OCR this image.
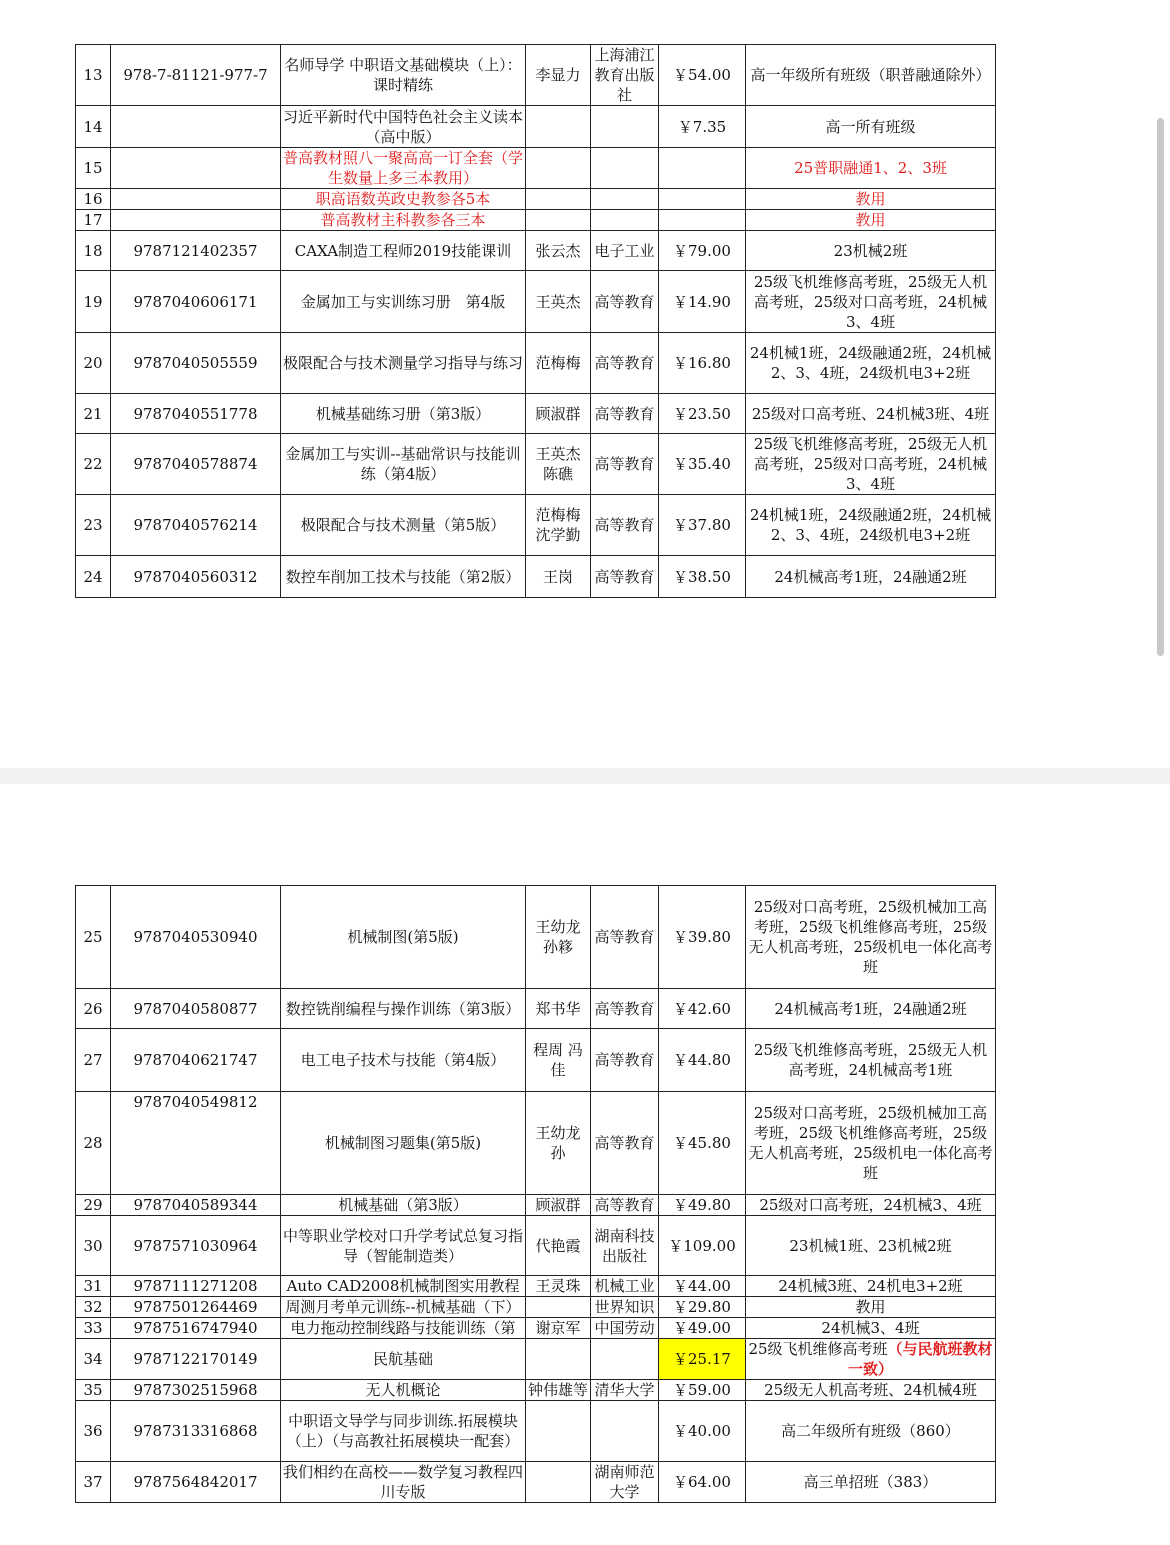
13	978-7-81121-977-7	名师导学 中职语文基础模块（上）： 课时精练	李显力	上海浦江教育出版社	￥54.00	高一年级所有班级（职普融通除外）
14		习近平新时代中国特色社会主义读本（高中版）			￥7.35	高一所有班级
15		普高教材照八一聚高高一订全套（学生数量上多三本教用）				25普职融通1、2、3班
16		职高语数英政史教参各5本				教用
17		普高教材主科教参各三本				教用
18	9787121402357	CAXA制造工程师2019技能课训	张云杰	电子工业	￥79.00	23机械2班
19	9787040606171	金属加工与实训练习册　第4版	王英杰	高等教育	￥14.90	25级飞机维修高考班，25级无人机高考班，25级对口高考班，24机械3、4班
20	9787040505559	极限配合与技术测量学习指导与练习	范梅梅	高等教育	￥16.80	24机械1班，24级融通2班，24机械2、3、4班，24级机电3+2班
21	9787040551778	机械基础练习册（第3版）	顾淑群	高等教育	￥23.50	25级对口高考班、24机械3班、4班
22	9787040578874	金属加工与实训--基础常识与技能训练（第4版）	王英杰 陈礁	高等教育	￥35.40	25级飞机维修高考班，25级无人机高考班，25级对口高考班，24机械3、4班
23	9787040576214	极限配合与技术测量（第5版）	范梅梅 沈学勤	高等教育	￥37.80	24机械1班，24级融通2班，24机械2、3、4班，24级机电3+2班
24	9787040560312	数控车削加工技术与技能（第2版）	王岗	高等教育	￥38.50	24机械高考1班，24融通2班
25	9787040530940	机械制图(第5版)	王幼龙 孙簃	高等教育	￥39.80	25级对口高考班，25级机械加工高考班，25级飞机维修高考班，25级无人机高考班，25级机电一体化高考班
26	9787040580877	数控铣削编程与操作训练（第3版）	郑书华	高等教育	￥42.60	24机械高考1班，24融通2班
27	9787040621747	电工电子技术与技能（第4版）	程周 冯佳	高等教育	￥44.80	25级飞机维修高考班，25级无人机高考班，24机械高考1班
28	9787040549812	机械制图习题集(第5版)	王幼龙 孙	高等教育	￥45.80	25级对口高考班，25级机械加工高考班，25级飞机维修高考班，25级无人机高考班，25级机电一体化高考班
29	9787040589344	机械基础（第3版）	顾淑群	高等教育	￥49.80	25级对口高考班，24机械3、4班
30	9787571030964	中等职业学校对口升学考试总复习指导（智能制造类）	代艳霞	湖南科技出版社	￥109.00	23机械1班、23机械2班
31	9787111271208	Auto CAD2008机械制图实用教程	王灵珠	机械工业	￥44.00	24机械3班、24机电3+2班
32	9787501264469	周测月考单元训练--机械基础（下）		世界知识	￥29.80	教用
33	9787516747940	电力拖动控制线路与技能训练（第	谢京军	中国劳动	￥49.00	24机械3、4班
34	9787122170149	民航基础			￥25.17	25级飞机维修高考班（与民航班教材一致）
35	9787302515968	无人机概论	钟伟雄等	清华大学	￥59.00	25级无人机高考班、24机械4班
36	9787313316868	中职语文导学与同步训练.拓展模块（上）（与高教社拓展模块一配套）			￥40.00	高二年级所有班级（860）
37	9787564842017	我们相约在高校——数学复习教程四川专版		湖南师范大学	￥64.00	高三单招班（383）
